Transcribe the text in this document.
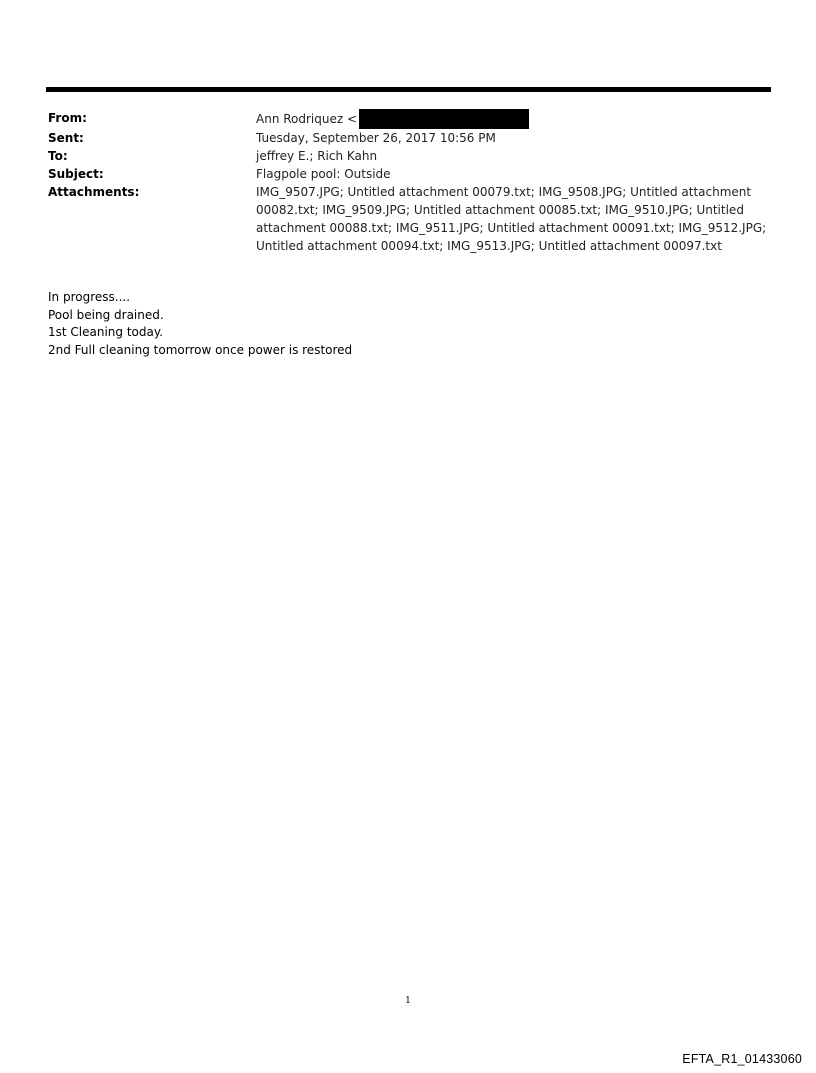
From:	Ann Rodriquez <
Sent:	Tuesday, September 26, 2017 10:56 PM
To:	jeffrey E.; Rich Kahn
Subject:	Flagpole pool: Outside
Attachments:	IMG_9507.JPG; Untitled attachment 00079.txt; IMG_9508.JPG; Untitled attachment 00082.txt; IMG_9509.JPG; Untitled attachment 00085.txt; IMG_9510.JPG; Untitled attachment 00088.txt; IMG_9511.JPG; Untitled attachment 00091.txt; IMG_9512.JPG; Untitled attachment 00094.txt; IMG_9513.JPG; Untitled attachment 00097.txt
In progress....
Pool being drained.
1st Cleaning today.
2nd Full cleaning tomorrow once power is restored
1
EFTA_R1_01433060
